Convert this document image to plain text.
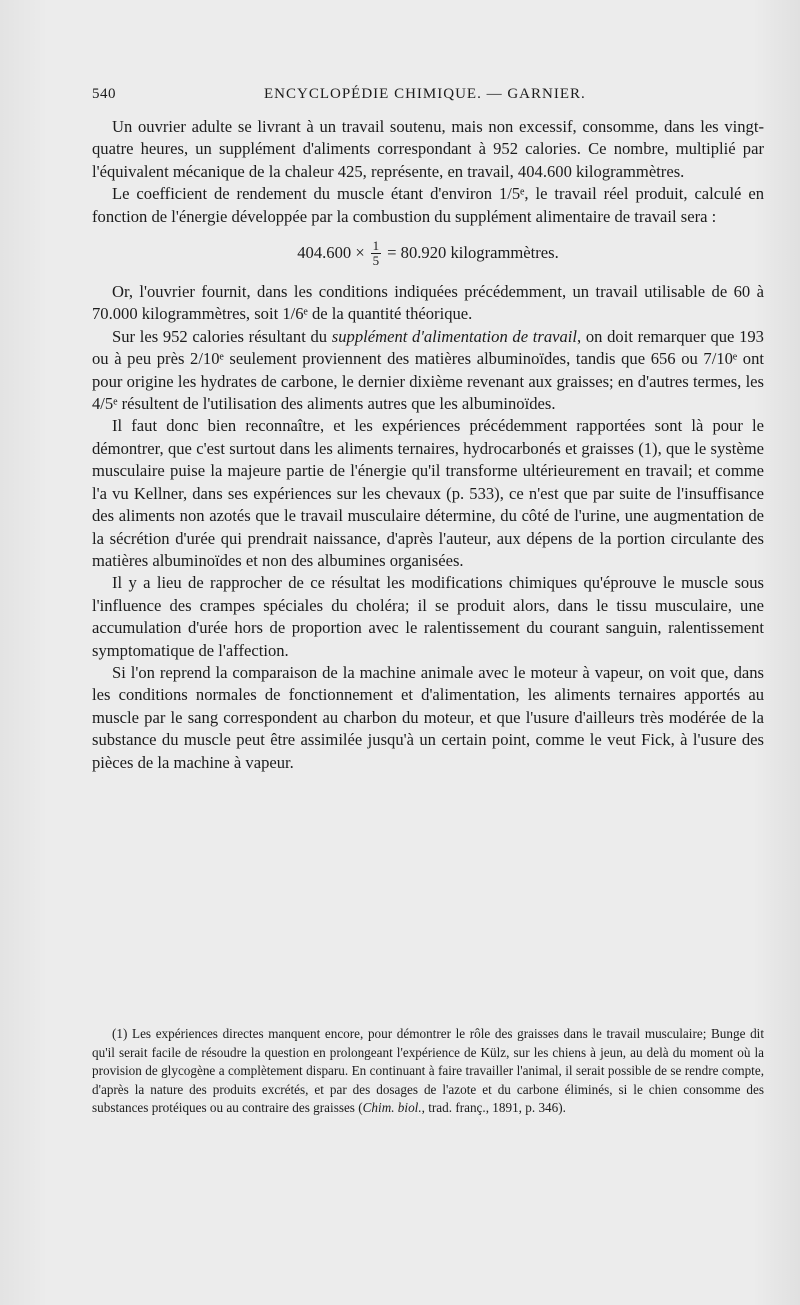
540	ENCYCLOPÉDIE CHIMIQUE. — GARNIER.

Un ouvrier adulte se livrant à un travail soutenu, mais non excessif, consomme, dans les vingt-quatre heures, un supplément d'aliments correspondant à 952 calories. Ce nombre, multiplié par l'équivalent mécanique de la chaleur 425, représente, en travail, 404.600 kilogrammètres.

Le coefficient de rendement du muscle étant d'environ 1/5ᵉ, le travail réel produit, calculé en fonction de l'énergie développée par la combustion du supplément alimentaire de travail sera :

$404.600 \times \frac{1}{5} = 80.920$ kilogrammètres.

Or, l'ouvrier fournit, dans les conditions indiquées précédemment, un travail utilisable de 60 à 70.000 kilogrammètres, soit 1/6ᵉ de la quantité théorique.

Sur les 952 calories résultant du supplément d'alimentation de travail, on doit remarquer que 193 ou à peu près 2/10ᵉ seulement proviennent des matières albuminoïdes, tandis que 656 ou 7/10ᵉ ont pour origine les hydrates de carbone, le dernier dixième revenant aux graisses; en d'autres termes, les 4/5ᵉ résultent de l'utilisation des aliments autres que les albuminoïdes.

Il faut donc bien reconnaître, et les expériences précédemment rapportées sont là pour le démontrer, que c'est surtout dans les aliments ternaires, hydrocarbonés et graisses (1), que le système musculaire puise la majeure partie de l'énergie qu'il transforme ultérieurement en travail; et comme l'a vu Kellner, dans ses expériences sur les chevaux (p. 533), ce n'est que par suite de l'insuffisance des aliments non azotés que le travail musculaire détermine, du côté de l'urine, une augmentation de la sécrétion d'urée qui prendrait naissance, d'après l'auteur, aux dépens de la portion circulante des matières albuminoïdes et non des albumines organisées.

Il y a lieu de rapprocher de ce résultat les modifications chimiques qu'éprouve le muscle sous l'influence des crampes spéciales du choléra; il se produit alors, dans le tissu musculaire, une accumulation d'urée hors de proportion avec le ralentissement du courant sanguin, ralentissement symptomatique de l'affection.

Si l'on reprend la comparaison de la machine animale avec le moteur à vapeur, on voit que, dans les conditions normales de fonctionnement et d'alimentation, les aliments ternaires apportés au muscle par le sang correspondent au charbon du moteur, et que l'usure d'ailleurs très modérée de la substance du muscle peut être assimilée jusqu'à un certain point, comme le veut Fick, à l'usure des pièces de la machine à vapeur.

(1) Les expériences directes manquent encore, pour démontrer le rôle des graisses dans le travail musculaire; Bunge dit qu'il serait facile de résoudre la question en prolongeant l'expérience de Külz, sur les chiens à jeun, au delà du moment où la provision de glycogène a complètement disparu. En continuant à faire travailler l'animal, il serait possible de se rendre compte, d'après la nature des produits excrétés, et par des dosages de l'azote et du carbone éliminés, si le chien consomme des substances protéiques ou au contraire des graisses (Chim. biol., trad. franç., 1891, p. 346).
